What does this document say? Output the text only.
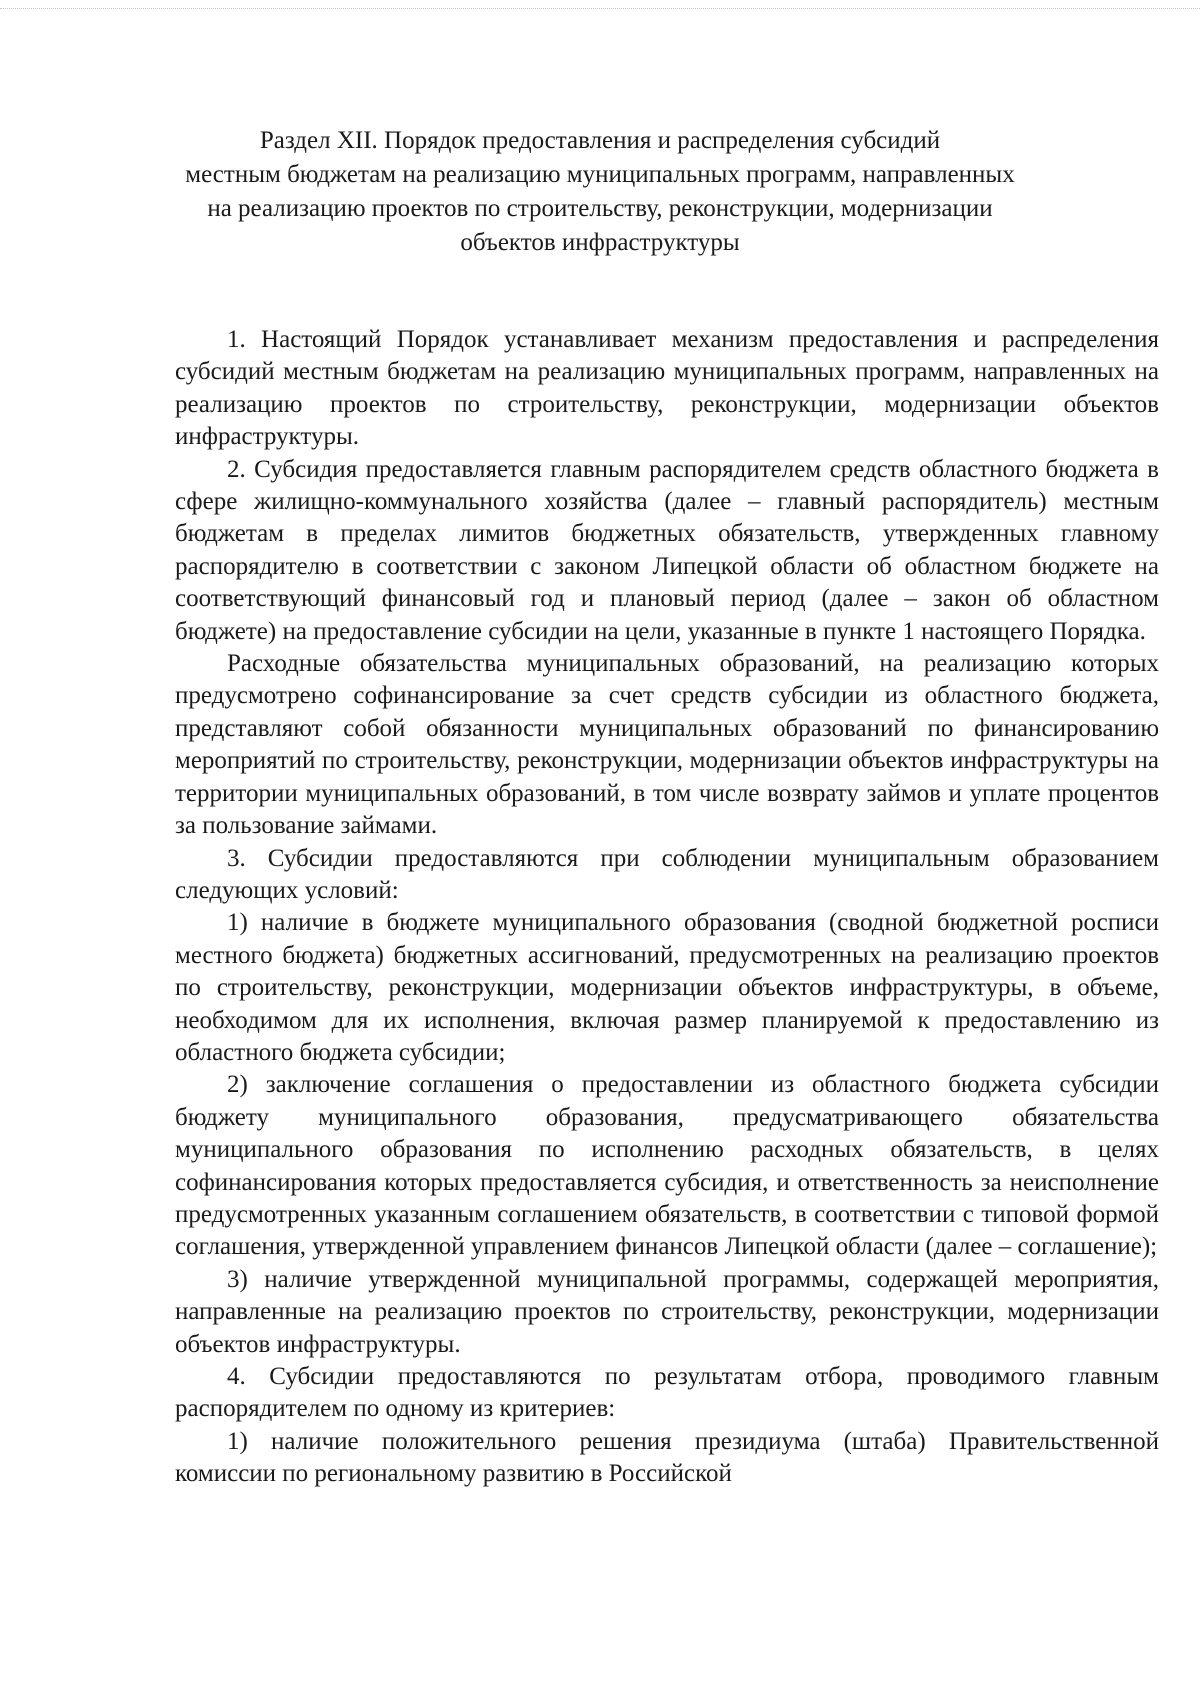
Раздел XII. Порядок предоставления и распределения субсидий
местным бюджетам на реализацию муниципальных программ, направленных
на реализацию проектов по строительству, реконструкции, модернизации
объектов инфраструктуры

1. Настоящий Порядок устанавливает механизм предоставления и распределения субсидий местным бюджетам на реализацию муниципальных программ, направленных на реализацию проектов по строительству, реконструкции, модернизации объектов инфраструктуры.

2. Субсидия предоставляется главным распорядителем средств областного бюджета в сфере жилищно-коммунального хозяйства (далее – главный распорядитель) местным бюджетам в пределах лимитов бюджетных обязательств, утвержденных главному распорядителю в соответствии с законом Липецкой области об областном бюджете на соответствующий финансовый год и плановый период (далее – закон об областном бюджете) на предоставление субсидии на цели, указанные в пункте 1 настоящего Порядка.

Расходные обязательства муниципальных образований, на реализацию которых предусмотрено софинансирование за счет средств субсидии из областного бюджета, представляют собой обязанности муниципальных образований по финансированию мероприятий по строительству, реконструкции, модернизации объектов инфраструктуры на территории муниципальных образований, в том числе возврату займов и уплате процентов за пользование займами.

3. Субсидии предоставляются при соблюдении муниципальным образованием следующих условий:

1) наличие в бюджете муниципального образования (сводной бюджетной росписи местного бюджета) бюджетных ассигнований, предусмотренных на реализацию проектов по строительству, реконструкции, модернизации объектов инфраструктуры, в объеме, необходимом для их исполнения, включая размер планируемой к предоставлению из областного бюджета субсидии;

2) заключение соглашения о предоставлении из областного бюджета субсидии бюджету муниципального образования, предусматривающего обязательства муниципального образования по исполнению расходных обязательств, в целях софинансирования которых предоставляется субсидия, и ответственность за неисполнение предусмотренных указанным соглашением обязательств, в соответствии с типовой формой соглашения, утвержденной управлением финансов Липецкой области (далее – соглашение);

3) наличие утвержденной муниципальной программы, содержащей мероприятия, направленные на реализацию проектов по строительству, реконструкции, модернизации объектов инфраструктуры.

4. Субсидии предоставляются по результатам отбора, проводимого главным распорядителем по одному из критериев:

1) наличие положительного решения президиума (штаба) Правительственной комиссии по региональному развитию в Российской
